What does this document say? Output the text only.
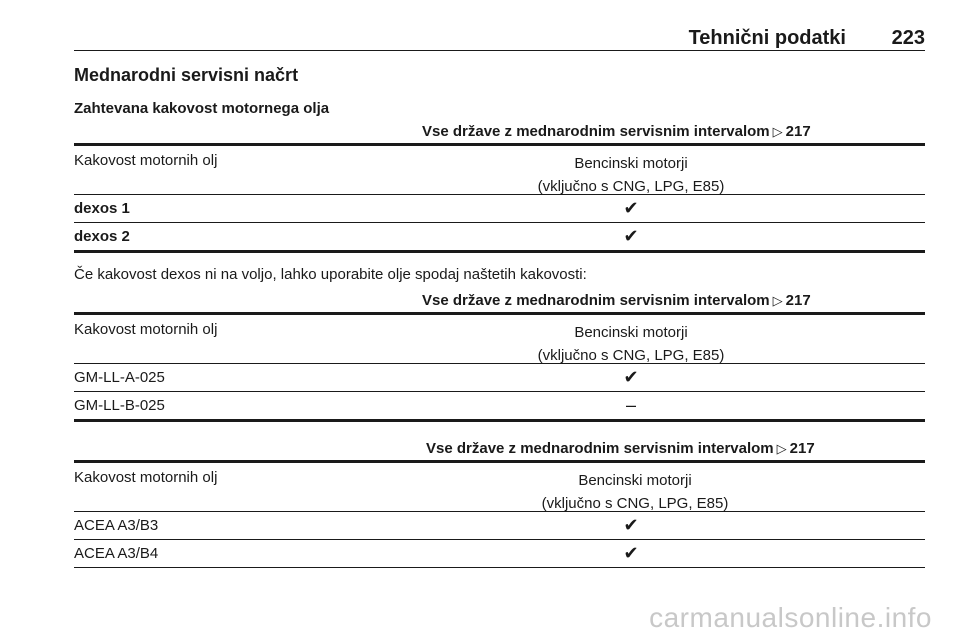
Tehnični podatki 223
Mednarodni servisni načrt
Zahtevana kakovost motornega olja
Vse države z mednarodnim servisnim intervalom ▷ 217
Kakovost motornih olj	Bencinski motorji
(vključno s CNG, LPG, E85)
dexos 1	✔
dexos 2	✔
Če kakovost dexos ni na voljo, lahko uporabite olje spodaj naštetih kakovosti:
Vse države z mednarodnim servisnim intervalom ▷ 217
Kakovost motornih olj	Bencinski motorji
(vključno s CNG, LPG, E85)
GM-LL-A-025	✔
GM-LL-B-025	–
Vse države z mednarodnim servisnim intervalom ▷ 217
Kakovost motornih olj	Bencinski motorji
(vključno s CNG, LPG, E85)
ACEA A3/B3	✔
ACEA A3/B4	✔
carmanualsonline.info
